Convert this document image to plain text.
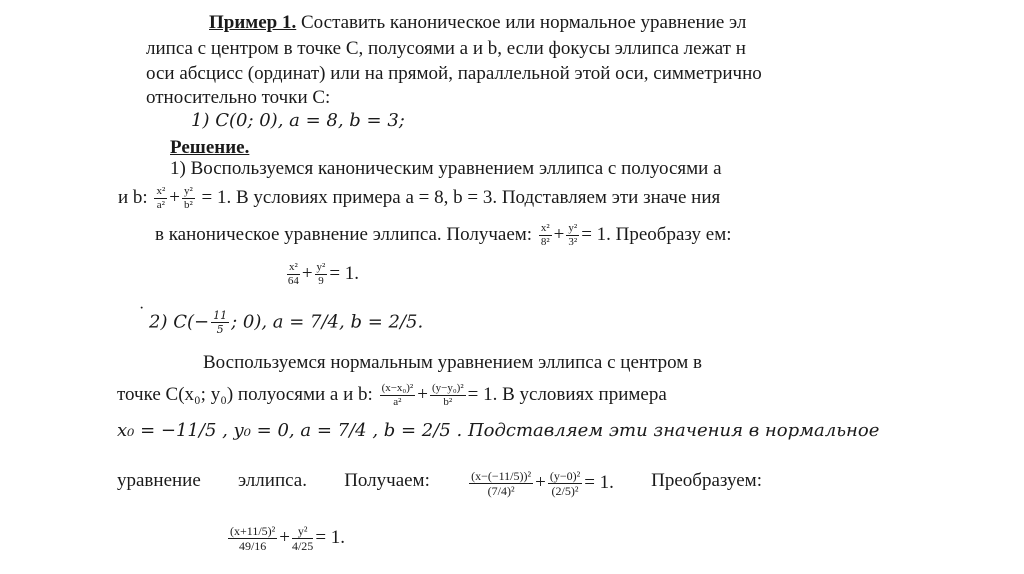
Пример 1. Составить каноническое или нормальное уравнение эл
липса с центром в точке C, полусоями a и b, если фокусы эллипса лежат н
оси абсцисс (ординат) или на прямой, параллельной этой оси, симметрично
относительно точки C:
1) C(0; 0), a = 8, b = 3;
Решение.
1) Воспользуемся каноническим уравнением эллипса с полуосями a
и b: $\frac{\text{x²}}{\text{a²}} + \frac{\text{y²}}{\text{b²}} = 1$. В условиях примера a = 8, b = 3. Подставляем эти значе ния
в каноническое уравнение эллипса. Получаем: $\frac{\text{x²}}{\text{8²}} + \frac{\text{y²}}{\text{3²}} = 1$. Преобразу ем:
$\frac{\text{x²}}{64} + \frac{\text{y²}}{9} = 1$.
·
2) $C(- \frac{11}{5}$ ; 0), a = 7/4, b = 2/5.
Воспользуемся нормальным уравнением эллипса с центром в
точке C(x₀; y₀) полуосями a и b: $\frac{\text{(x−x₀)²}}{\text{a²}} + \frac{\text{(y−y₀)²}}{\text{b²}} = 1$. В условиях примера
x₀ = −11/5 , y₀ = 0, a = 7/4 , b = 2/5 . Подставляем эти значения в нормальное
уравнение эллипса. Получаем:	$\frac{\text{(x−(−11/5))²}}{\text{(7/4)²}} + \frac{\text{(y−0)²}}{\text{(2/5)²}} = 1$. Преобразуем:
$\frac{\text{(x+11/5)²}}{49/16} + \frac{\text{y²}}{4/25} = 1$.
